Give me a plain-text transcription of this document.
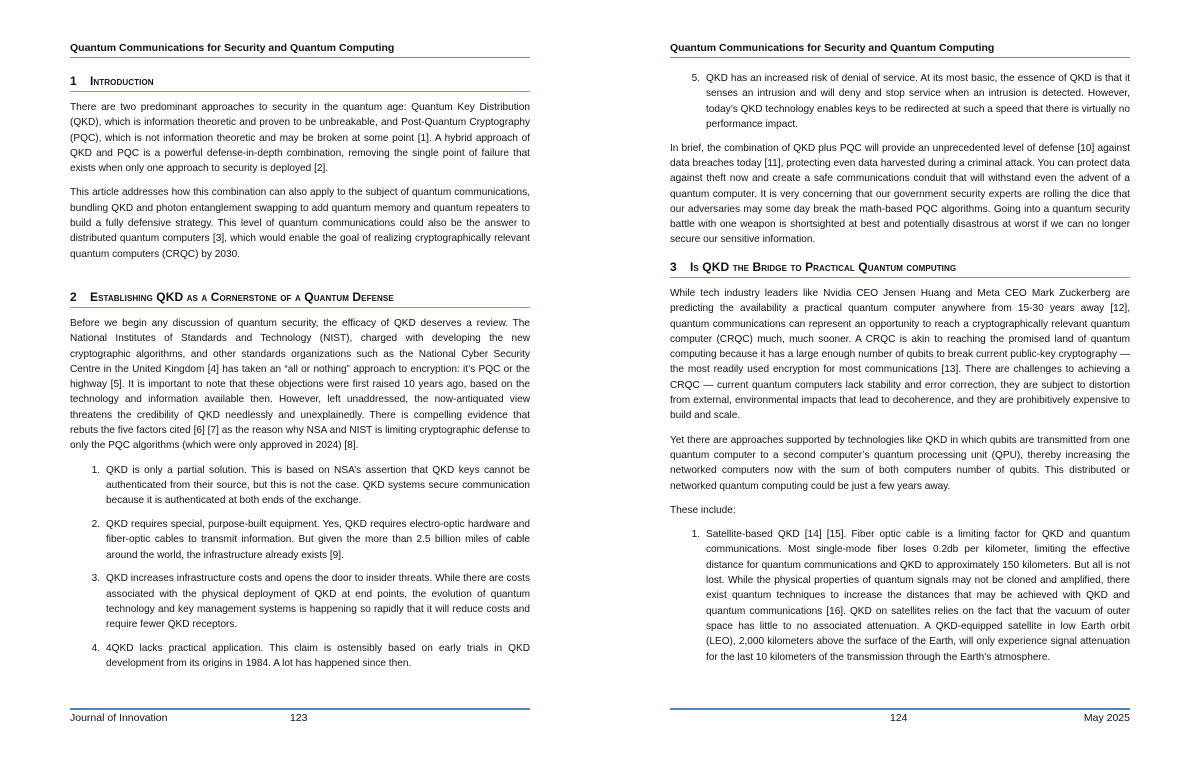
Quantum Communications for Security and Quantum Computing
1 Introduction

There are two predominant approaches to security in the quantum age: Quantum Key Distribution (QKD), which is information theoretic and proven to be unbreakable, and Post-Quantum Cryptography (PQC), which is not information theoretic and may be broken at some point [1]. A hybrid approach of QKD and PQC is a powerful defense-in-depth combination, removing the single point of failure that exists when only one approach to security is deployed [2].

This article addresses how this combination can also apply to the subject of quantum communications, bundling QKD and photon entanglement swapping to add quantum memory and quantum repeaters to build a fully defensive strategy. This level of quantum communications could also be the answer to distributed quantum computers [3], which would enable the goal of realizing cryptographically relevant quantum computers (CRQC) by 2030.

2 Establishing QKD as a Cornerstone of a Quantum Defense

Before we begin any discussion of quantum security, the efficacy of QKD deserves a review. The National Institutes of Standards and Technology (NIST), charged with developing the new cryptographic algorithms, and other standards organizations such as the National Cyber Security Centre in the United Kingdom [4] has taken an “all or nothing” approach to encryption: it’s PQC or the highway [5]. It is important to note that these objections were first raised 10 years ago, based on the technology and information available then. However, left unaddressed, the now-antiquated view threatens the credibility of QKD needlessly and unexplainedly. There is compelling evidence that rebuts the five factors cited [6] [7] as the reason why NSA and NIST is limiting cryptographic defense to only the PQC algorithms (which were only approved in 2024) [8].

1. QKD is only a partial solution. This is based on NSA’s assertion that QKD keys cannot be authenticated from their source, but this is not the case. QKD systems secure communication because it is authenticated at both ends of the exchange.
2. QKD requires special, purpose-built equipment. Yes, QKD requires electro-optic hardware and fiber-optic cables to transmit information. But given the more than 2.5 billion miles of cable around the world, the infrastructure already exists [9].
3. QKD increases infrastructure costs and opens the door to insider threats. While there are costs associated with the physical deployment of QKD at end points, the evolution of quantum technology and key management systems is happening so rapidly that it will reduce costs and require fewer QKD receptors.
4. 4QKD lacks practical application. This claim is ostensibly based on early trials in QKD development from its origins in 1984. A lot has happened since then.
Journal of Innovation	123
Quantum Communications for Security and Quantum Computing
5. QKD has an increased risk of denial of service. At its most basic, the essence of QKD is that it senses an intrusion and will deny and stop service when an intrusion is detected. However, today’s QKD technology enables keys to be redirected at such a speed that there is virtually no performance impact.

In brief, the combination of QKD plus PQC will provide an unprecedented level of defense [10] against data breaches today [11], protecting even data harvested during a criminal attack. You can protect data against theft now and create a safe communications conduit that will withstand even the advent of a quantum computer. It is very concerning that our government security experts are rolling the dice that our adversaries may some day break the math-based PQC algorithms. Going into a quantum security battle with one weapon is shortsighted at best and potentially disastrous at worst if we can no longer secure our sensitive information.

3 Is QKD the Bridge to Practical Quantum computing

While tech industry leaders like Nvidia CEO Jensen Huang and Meta CEO Mark Zuckerberg are predicting the availability a practical quantum computer anywhere from 15-30 years away [12], quantum communications can represent an opportunity to reach a cryptographically relevant quantum computer (CRQC) much, much sooner. A CRQC is akin to reaching the promised land of quantum computing because it has a large enough number of qubits to break current public-key cryptography — the most readily used encryption for most communications [13]. There are challenges to achieving a CRQC — current quantum computers lack stability and error correction, they are subject to distortion from external, environmental impacts that lead to decoherence, and they are prohibitively expensive to build and scale.

Yet there are approaches supported by technologies like QKD in which qubits are transmitted from one quantum computer to a second computer’s quantum processing unit (QPU), thereby increasing the networked computers now with the sum of both computers number of qubits. This distributed or networked quantum computing could be just a few years away.

These include:

1. Satellite-based QKD [14] [15]. Fiber optic cable is a limiting factor for QKD and quantum communications. Most single-mode fiber loses 0.2db per kilometer, limiting the effective distance for quantum communications and QKD to approximately 150 kilometers. But all is not lost. While the physical properties of quantum signals may not be cloned and amplified, there exist quantum techniques to increase the distances that may be achieved with QKD and quantum communications [16]. QKD on satellites relies on the fact that the vacuum of outer space has little to no associated attenuation. A QKD-equipped satellite in low Earth orbit (LEO), 2,000 kilometers above the surface of the Earth, will only experience signal attenuation for the last 10 kilometers of the transmission through the Earth’s atmosphere.
124	May 2025
